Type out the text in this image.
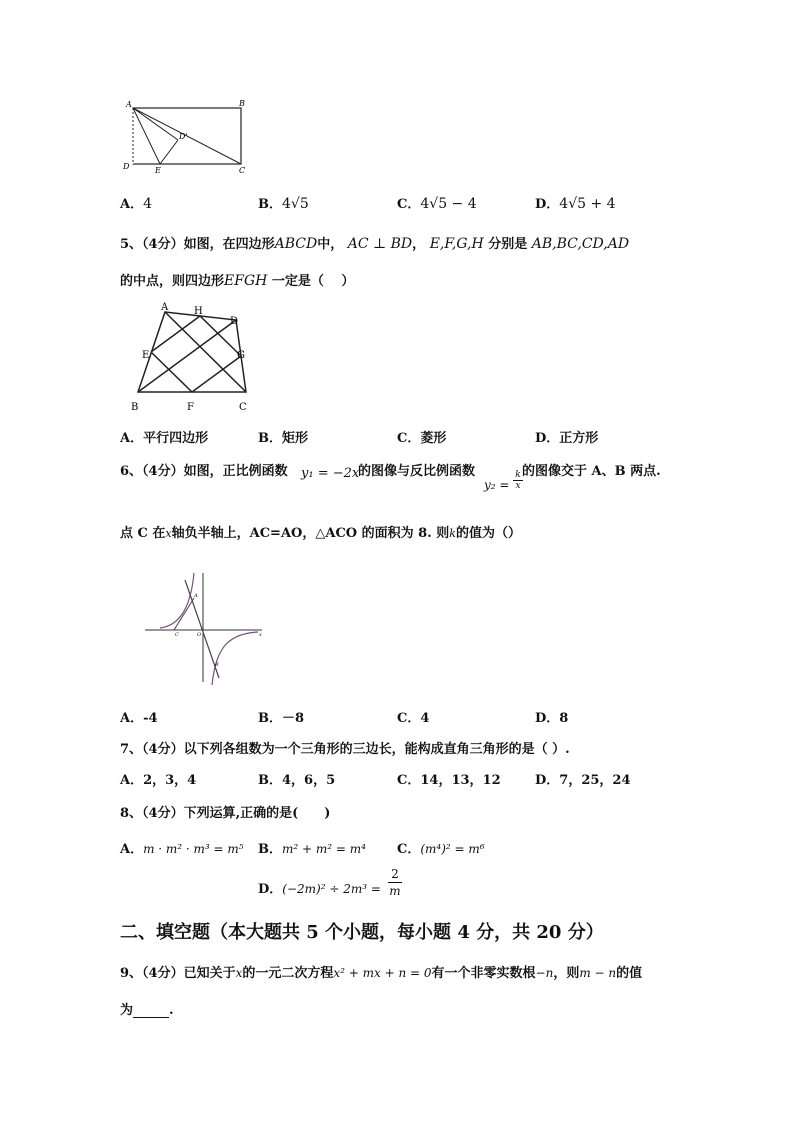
A	B
C
D	E
D'
A．4	B．4√5	C．4√5 − 4	D．4√5 + 4
5、（4分）如图，在四边形ABCD中， AC ⊥ BD， E,F,G,H 分别是 AB,BC,CD,AD
的中点，则四边形EFGH 一定是（　 ）
A	H
D
E	G
B	F	C
A．平行四边形	B．矩形	C．菱形	D．正方形
6、（4分）如图，正比例函数 y₁ = −2x
的图像与反比例函数
$y_2 = \frac{k}{x}$ 的图像交于 A、B 两点.
点 C 在x轴负半轴上，AC=AO，△ACO 的面积为 8. 则k的值为（）
A
B
C	O	x
A．-4	B．－8	C．4	D．8
7、（4分）以下列各组数为一个三角形的三边长，能构成直角三角形的是（ ）.
A．2，3，4	B．4，6，5	C．14，13，12	D．7，25，24
8、（4分）下列运算,正确的是(　　)
A．m · m² · m³ = m⁵ B．m² + m² = m⁴ C．(m⁴)² = m⁶
D．$(-2m)^2 \div 2m^3 = \frac{2}{m}$
二、填空题（本大题共 5 个小题，每小题 4 分，共 20 分）
9、（4分）已知关于x的一元二次方程x² + mx + n = 0有一个非零实数根−n，则m − n的值
为	.
